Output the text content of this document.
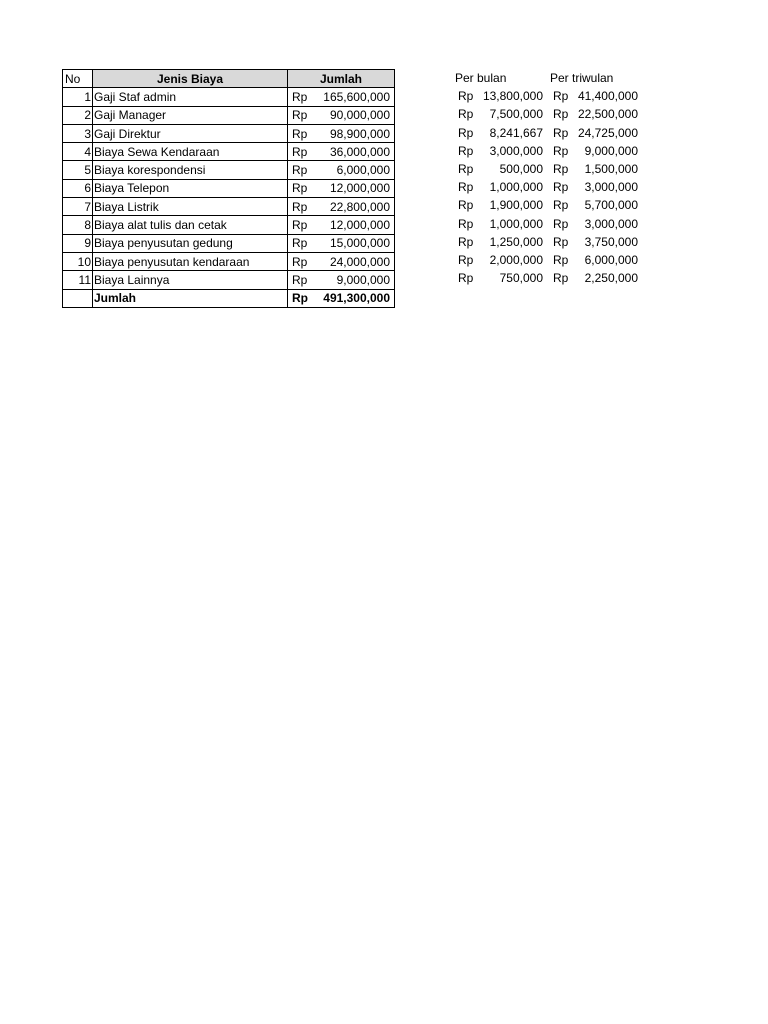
No	Jenis Biaya	Jumlah
1	Gaji Staf admin	Rp 165,600,000

2	Gaji Manager	Rp 90,000,000

3	Gaji Direktur	Rp 98,900,000

4	Biaya Sewa Kendaraan	Rp 36,000,000

5	Biaya korespondensi	Rp 6,000,000

6	Biaya Telepon	Rp 12,000,000

7	Biaya Listrik	Rp 22,800,000

8	Biaya alat tulis dan cetak	Rp 12,000,000

9	Biaya penyusutan gedung	Rp 15,000,000

10	Biaya penyusutan kendaraan	Rp 24,000,000

11	Biaya Lainnya	Rp 9,000,000

	Jumlah	Rp 491,300,000
Per bulan	Per triwulan

Rp 13,800,000	Rp 41,400,000

Rp 7,500,000	Rp 22,500,000

Rp 8,241,667	Rp 24,725,000

Rp 3,000,000	Rp 9,000,000

Rp 500,000	Rp 1,500,000

Rp 1,000,000	Rp 3,000,000

Rp 1,900,000	Rp 5,700,000

Rp 1,000,000	Rp 3,000,000

Rp 1,250,000	Rp 3,750,000

Rp 2,000,000	Rp 6,000,000

Rp 750,000	Rp 2,250,000
